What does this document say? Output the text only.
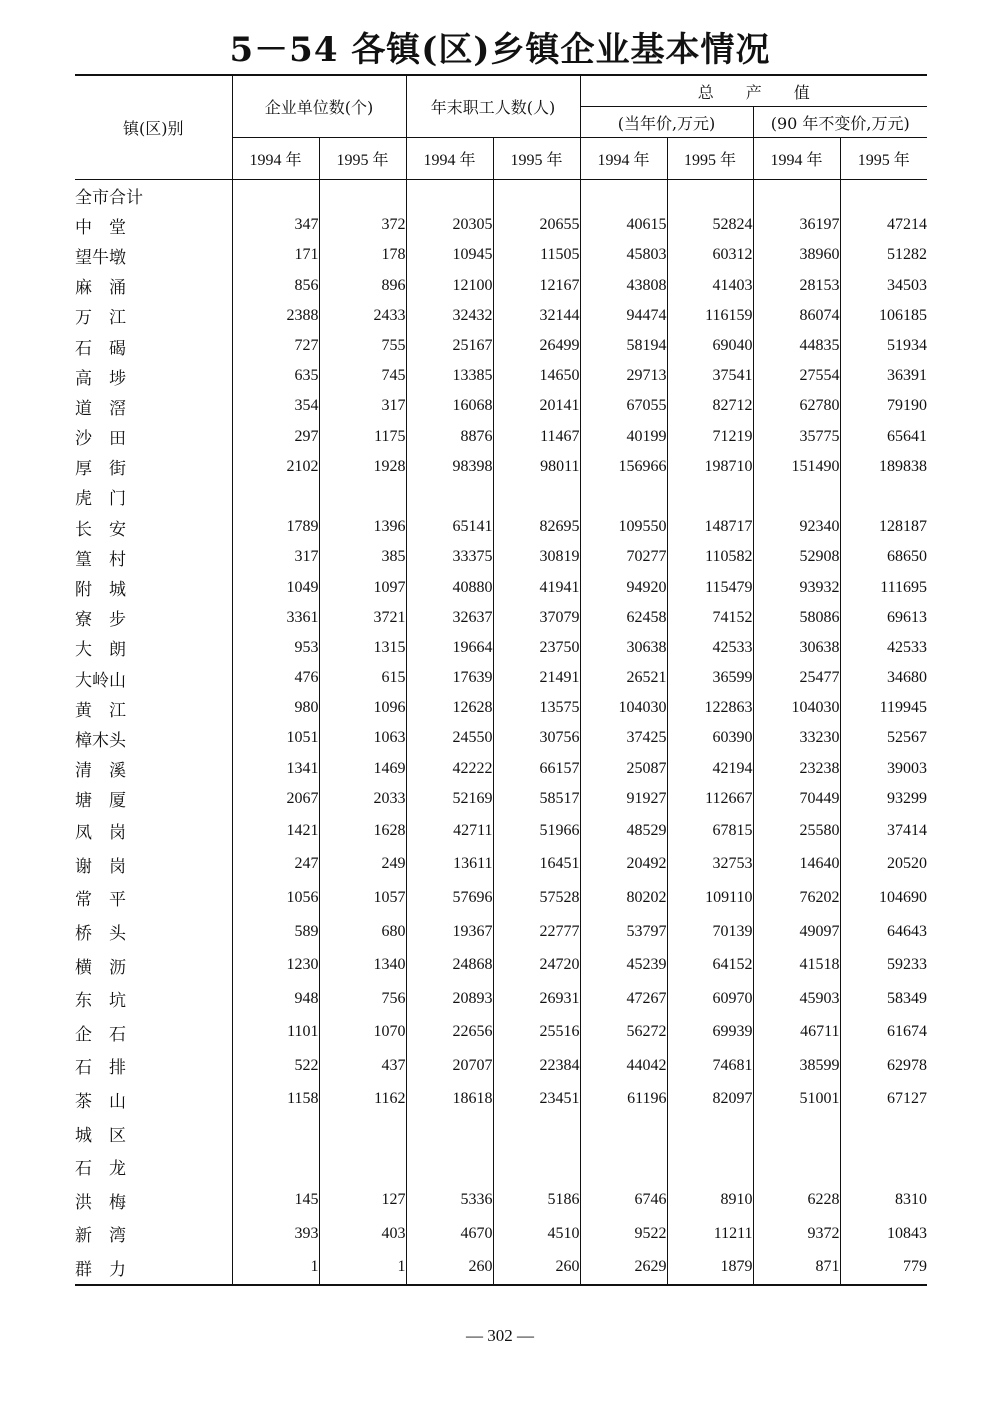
5－54 各镇(区)乡镇企业基本情况
镇(区)别	企业单位数(个)		年末职工人数(人)		总　　产　　值			
					(当年价,万元)		(90 年不变价,万元)	
	1994 年	1995 年	1994 年	1995 年	1994 年	1995 年	1994 年	1995 年
全市合计								
中　堂	347	372	20305	20655	40615	52824	36197	47214
望牛墩	171	178	10945	11505	45803	60312	38960	51282
麻　涌	856	896	12100	12167	43808	41403	28153	34503
万　江	2388	2433	32432	32144	94474	116159	86074	106185
石　碣	727	755	25167	26499	58194	69040	44835	51934
高　埗	635	745	13385	14650	29713	37541	27554	36391
道　滘	354	317	16068	20141	67055	82712	62780	79190
沙　田	297	1175	8876	11467	40199	71219	35775	65641
厚　街	2102	1928	98398	98011	156966	198710	151490	189838
虎　门								
长　安	1789	1396	65141	82695	109550	148717	92340	128187
篁　村	317	385	33375	30819	70277	110582	52908	68650
附　城	1049	1097	40880	41941	94920	115479	93932	111695
寮　步	3361	3721	32637	37079	62458	74152	58086	69613
大　朗	953	1315	19664	23750	30638	42533	30638	42533
大岭山	476	615	17639	21491	26521	36599	25477	34680
黄　江	980	1096	12628	13575	104030	122863	104030	119945
樟木头	1051	1063	24550	30756	37425	60390	33230	52567
清　溪	1341	1469	42222	66157	25087	42194	23238	39003
塘　厦	2067	2033	52169	58517	91927	112667	70449	93299
凤　岗	1421	1628	42711	51966	48529	67815	25580	37414
谢　岗	247	249	13611	16451	20492	32753	14640	20520
常　平	1056	1057	57696	57528	80202	109110	76202	104690
桥　头	589	680	19367	22777	53797	70139	49097	64643
横　沥	1230	1340	24868	24720	45239	64152	41518	59233
东　坑	948	756	20893	26931	47267	60970	45903	58349
企　石	1101	1070	22656	25516	56272	69939	46711	61674
石　排	522	437	20707	22384	44042	74681	38599	62978
茶　山	1158	1162	18618	23451	61196	82097	51001	67127
城　区								
石　龙								
洪　梅	145	127	5336	5186	6746	8910	6228	8310
新　湾	393	403	4670	4510	9522	11211	9372	10843
群　力	1	1	260	260	2629	1879	871	779
— 302 —
